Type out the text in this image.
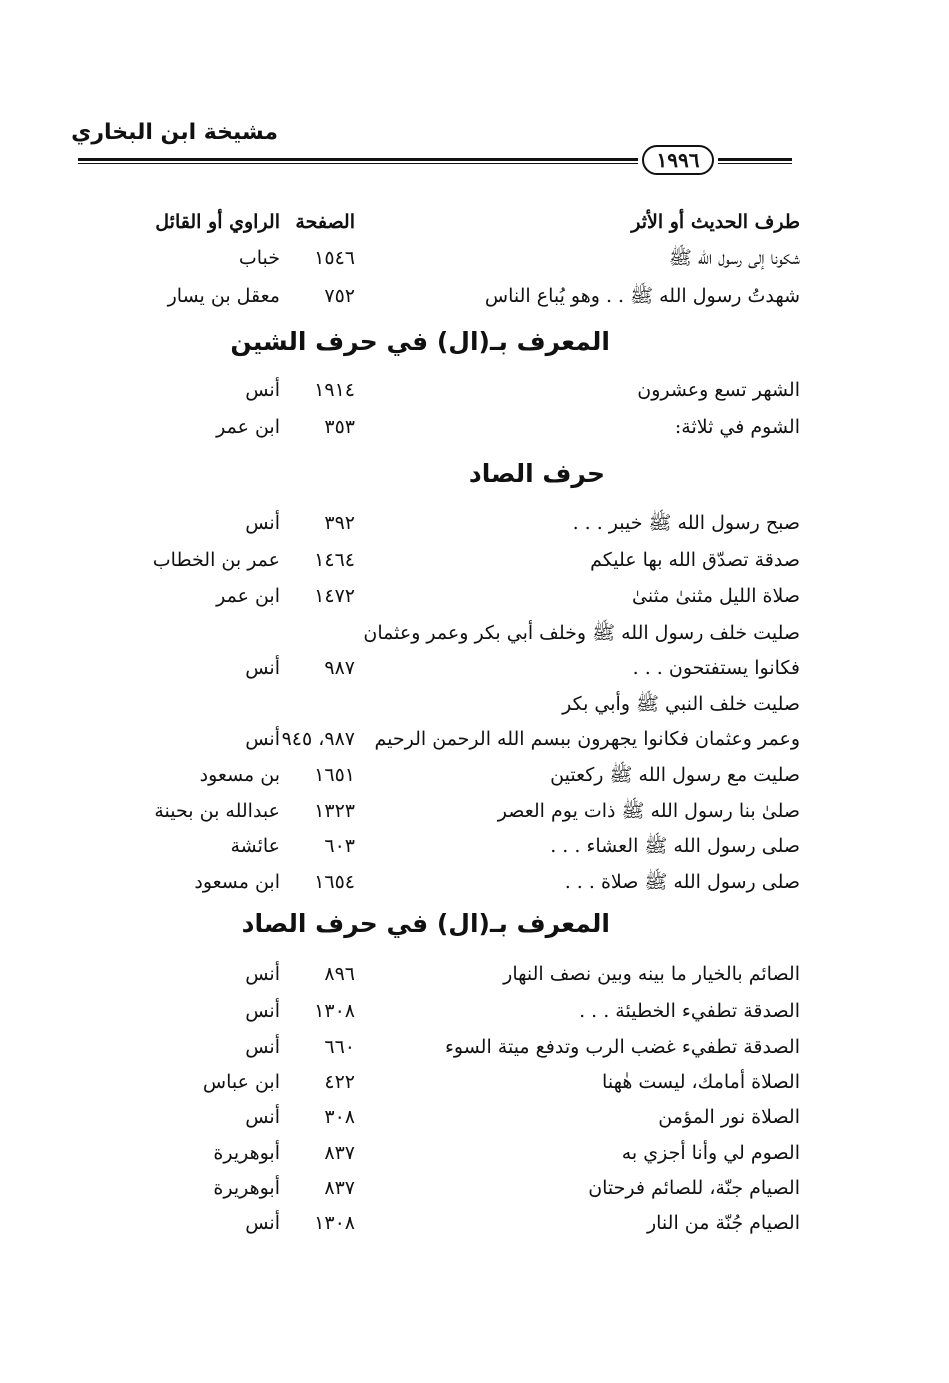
مشيخة ابن البخاري
١٩٩٦
طرف الحديث أو الأثر
الصفحة
الراوي أو القائل
شكونا إلى رسول الله ﷺ
١٥٤٦
خباب
شهدتُ رسول الله ﷺ . . وهو يُباع الناس
٧٥٢
معقل بن يسار
المعرف بـ(ال) في حرف الشين
الشهر تسع وعشرون
١٩١٤
أنس
الشوم في ثلاثة:
٣٥٣
ابن عمر
حرف الصاد
صبح رسول الله ﷺ خيبر . . .
٣٩٢
أنس
صدقة تصدّق الله بها عليكم
١٤٦٤
عمر بن الخطاب
صلاة الليل مثنىٰ مثنىٰ
١٤٧٢
ابن عمر
صليت خلف رسول الله ﷺ وخلف أبي بكر وعمر وعثمان
فكانوا يستفتحون . . .
٩٨٧
أنس
صليت خلف النبي ﷺ وأبي بكر
وعمر وعثمان فكانوا يجهرون ببسم الله الرحمن الرحيم
٩٨٧، ٩٤٥
أنس
صليت مع رسول الله ﷺ ركعتين
١٦٥١
بن مسعود
صلىٰ بنا رسول الله ﷺ ذات يوم العصر
١٣٢٣
عبدالله بن بحينة
صلى رسول الله ﷺ العشاء . . .
٦٠٣
عائشة
صلى رسول الله ﷺ صلاة . . .
١٦٥٤
ابن مسعود
المعرف بـ(ال) في حرف الصاد
الصائم بالخيار ما بينه وبين نصف النهار
٨٩٦
أنس
الصدقة تطفيء الخطيئة . . .
١٣٠٨
أنس
الصدقة تطفيء غضب الرب وتدفع ميتة السوء
٦٦٠
أنس
الصلاة أمامك، ليست هٰهنا
٤٢٢
ابن عباس
الصلاة نور المؤمن
٣٠٨
أنس
الصوم لي وأنا أجزي به
٨٣٧
أبوهريرة
الصيام جنّة، للصائم فرحتان
٨٣٧
أبوهريرة
الصيام جُنّة من النار
١٣٠٨
أنس
